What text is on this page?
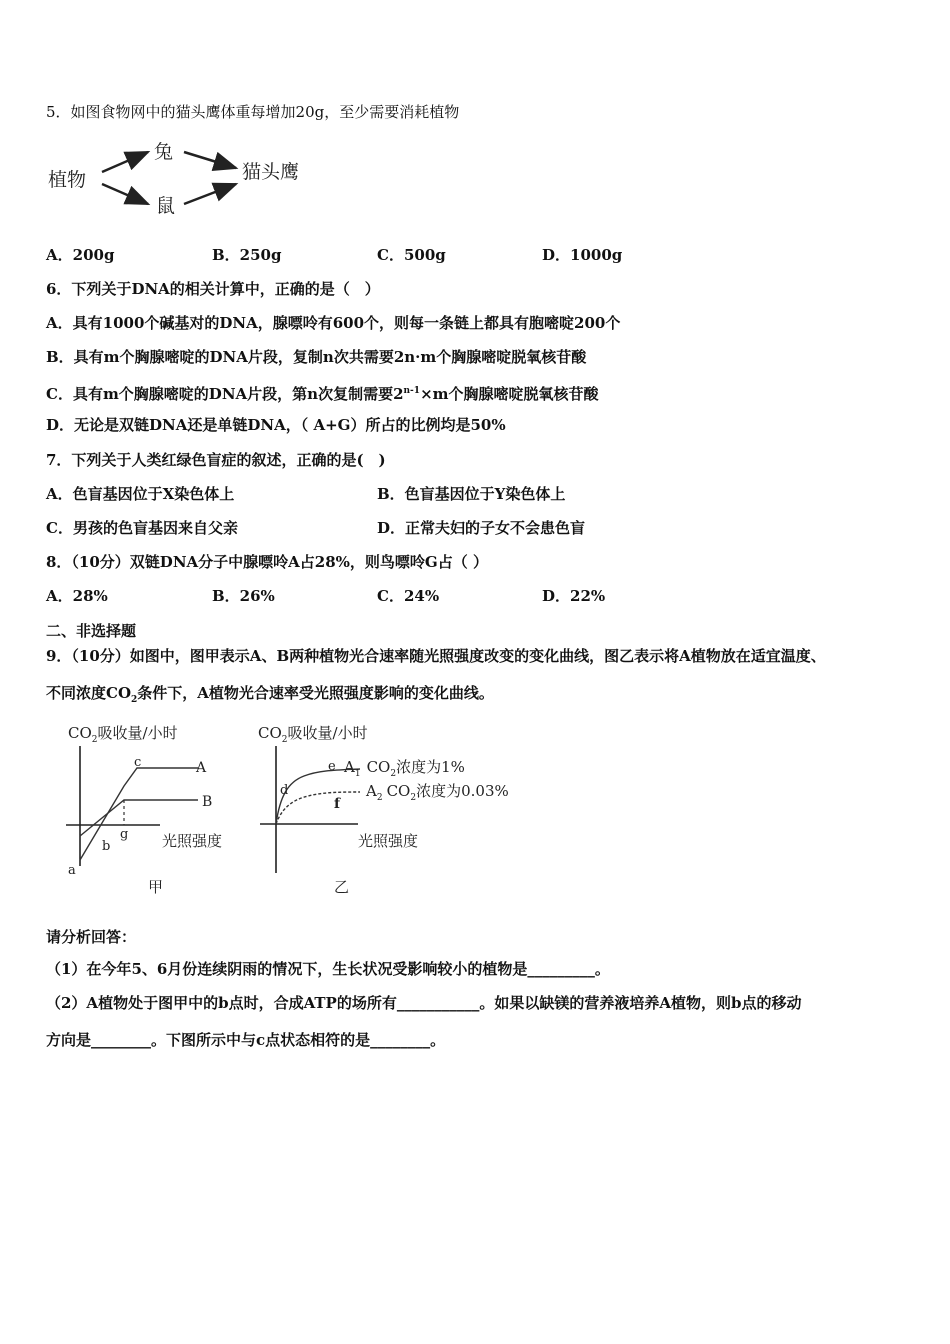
5．如图食物网中的猫头鹰体重每增加20g，至少需要消耗植物
植物
兔
鼠
猫头鹰
A．200g	B．250g	C．500g	D．1000g
6．下列关于DNA的相关计算中，正确的是（　）
A．具有1000个碱基对的DNA，腺嘌呤有600个，则每一条链上都具有胞嘧啶200个
B．具有m个胸腺嘧啶的DNA片段，复制n次共需要2n·m个胸腺嘧啶脱氧核苷酸
C．具有m个胸腺嘧啶的DNA片段，第n次复制需要$2^{n-1}\times m$个胸腺嘧啶脱氧核苷酸
D．无论是双链DNA还是单链DNA，（ A+G）所占的比例均是50%
7．下列关于人类红绿色盲症的叙述，正确的是(　)
A．色盲基因位于X染色体上	B．色盲基因位于Y染色体上
C．男孩的色盲基因来自父亲	D．正常夫妇的子女不会患色盲
8．（10分）双链DNA分子中腺嘌呤A占28%，则鸟嘌呤G占（ ）
A．28%	B．26%	C．24%	D．22%
二、非选择题
9．（10分）如图中，图甲表示A、B两种植物光合速率随光照强度改变的变化曲线，图乙表示将A植物放在适宜温度、
不同浓度$CO_2$条件下，A植物光合速率受光照强度影响的变化曲线。
$CO_2$吸收量/小时
c	A
B
g
b
a
光照强度
甲
$CO_2$吸收量/小时
d
e
f
$A_1$ $CO_2$浓度为1%
$A_2$ $CO_2$浓度为0.03%
光照强度
乙
请分析回答：
（1）在今年5、6月份连续阴雨的情况下，生长状况受影响较小的植物是_________。
（2）A植物处于图甲中的b点时，合成ATP的场所有___________。如果以缺镁的营养液培养A植物，则b点的移动
方向是________。下图所示中与c点状态相符的是________。
